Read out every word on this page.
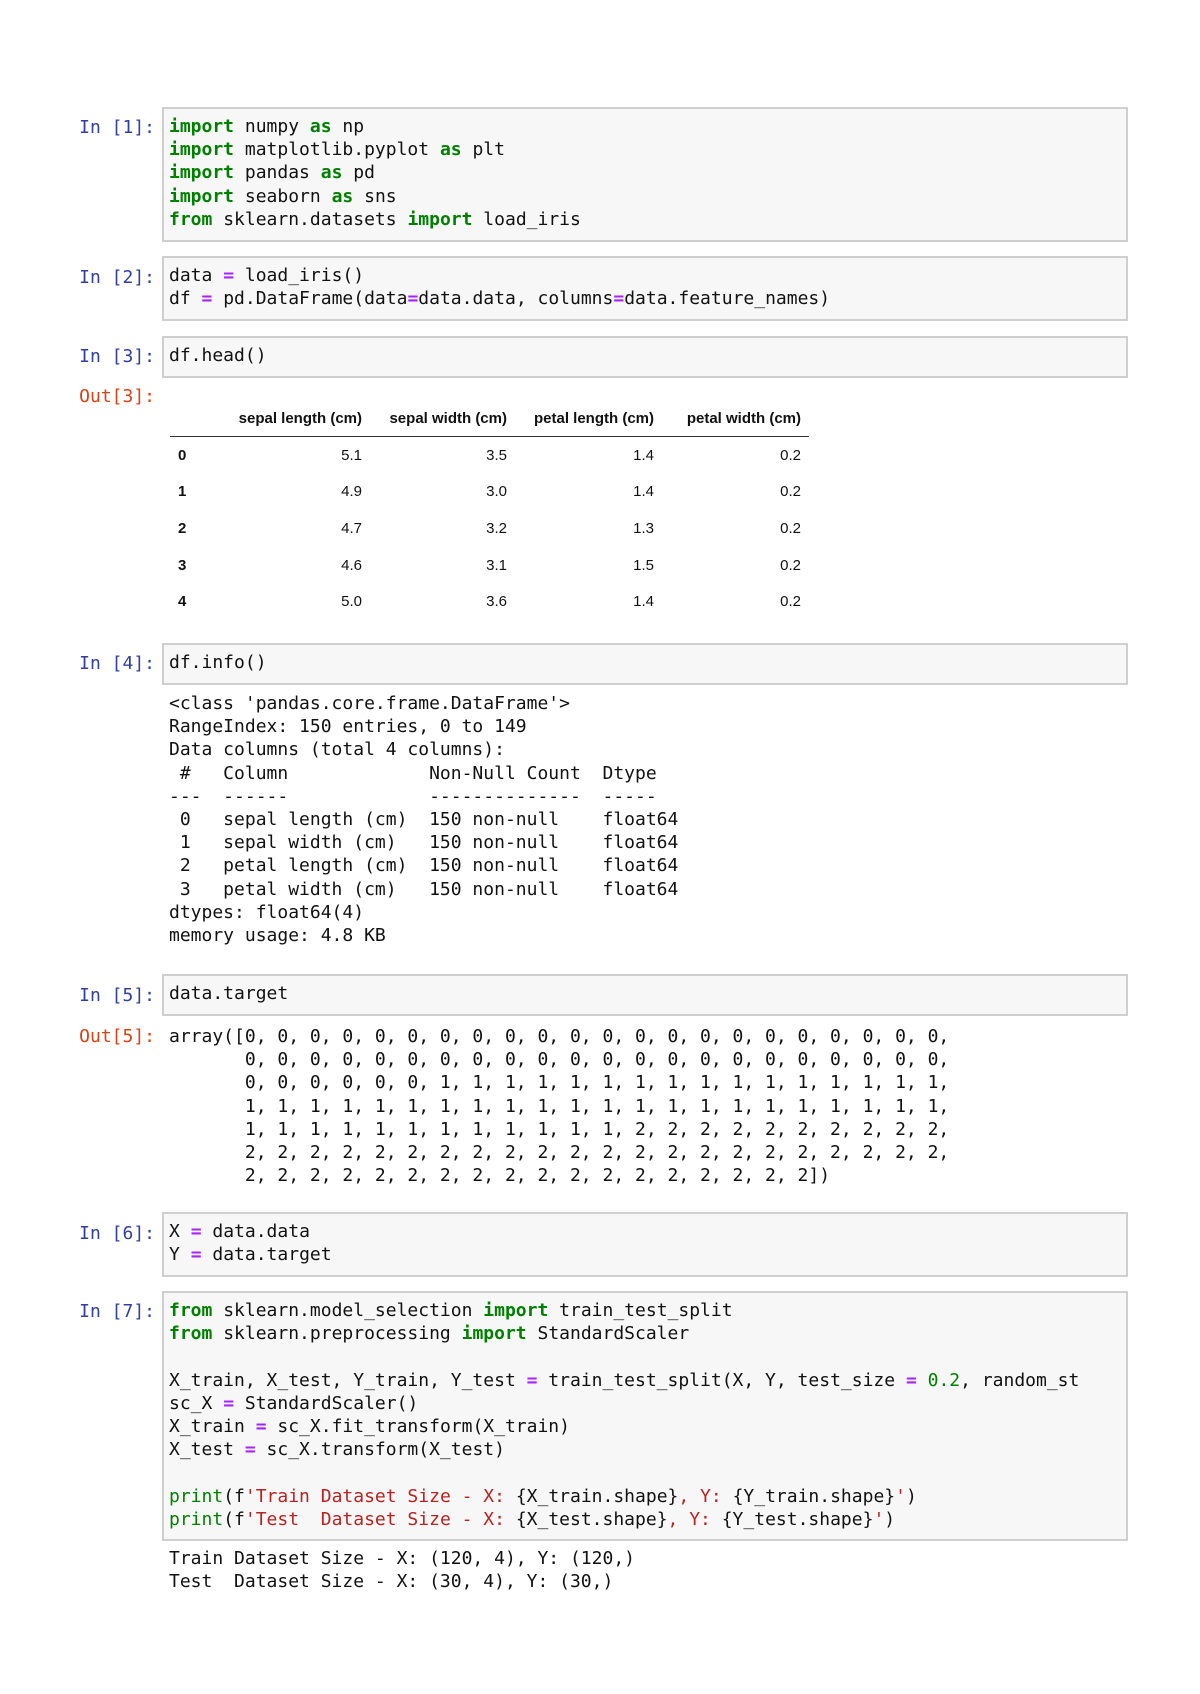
In [1]: import numpy as np
import matplotlib.pyplot as plt
import pandas as pd
import seaborn as sns
from sklearn.datasets import load_iris
In [2]: data = load_iris()
df = pd.DataFrame(data=data.data, columns=data.feature_names)
In [3]: df.head()
Out[3]:
	sepal length (cm)	sepal width (cm)	petal length (cm)	petal width (cm)
0	5.1	3.5	1.4	0.2
1	4.9	3.0	1.4	0.2
2	4.7	3.2	1.3	0.2
3	4.6	3.1	1.5	0.2
4	5.0	3.6	1.4	0.2
In [4]: df.info()
<class 'pandas.core.frame.DataFrame'>
RangeIndex: 150 entries, 0 to 149
Data columns (total 4 columns):
#   Column             Non-Null Count  Dtype
---  ------             --------------  -----
0   sepal length (cm)  150 non-null    float64
1   sepal width (cm)   150 non-null    float64
2   petal length (cm)  150 non-null    float64
3   petal width (cm)   150 non-null    float64
dtypes: float64(4)
memory usage: 4.8 KB
In [5]: data.target
Out[5]: array([0, 0, 0, 0, 0, 0, 0, 0, 0, 0, 0, 0, 0, 0, 0, 0, 0, 0, 0, 0, 0, 0,
0, 0, 0, 0, 0, 0, 0, 0, 0, 0, 0, 0, 0, 0, 0, 0, 0, 0, 0, 0, 0, 0,
0, 0, 0, 0, 0, 0, 1, 1, 1, 1, 1, 1, 1, 1, 1, 1, 1, 1, 1, 1, 1, 1,
1, 1, 1, 1, 1, 1, 1, 1, 1, 1, 1, 1, 1, 1, 1, 1, 1, 1, 1, 1, 1, 1,
1, 1, 1, 1, 1, 1, 1, 1, 1, 1, 1, 1, 2, 2, 2, 2, 2, 2, 2, 2, 2, 2,
2, 2, 2, 2, 2, 2, 2, 2, 2, 2, 2, 2, 2, 2, 2, 2, 2, 2, 2, 2, 2, 2,
2, 2, 2, 2, 2, 2, 2, 2, 2, 2, 2, 2, 2, 2, 2, 2, 2, 2])
In [6]: X = data.data
Y = data.target
In [7]: from sklearn.model_selection import train_test_split
from sklearn.preprocessing import StandardScaler

X_train, X_test, Y_train, Y_test = train_test_split(X, Y, test_size = 0.2, random_st
sc_X = StandardScaler()
X_train = sc_X.fit_transform(X_train)
X_test = sc_X.transform(X_test)

print(f'Train Dataset Size - X: {X_train.shape}, Y: {Y_train.shape}')
print(f'Test  Dataset Size - X: {X_test.shape}, Y: {Y_test.shape}')
Train Dataset Size - X: (120, 4), Y: (120,)
Test  Dataset Size - X: (30, 4), Y: (30,)
